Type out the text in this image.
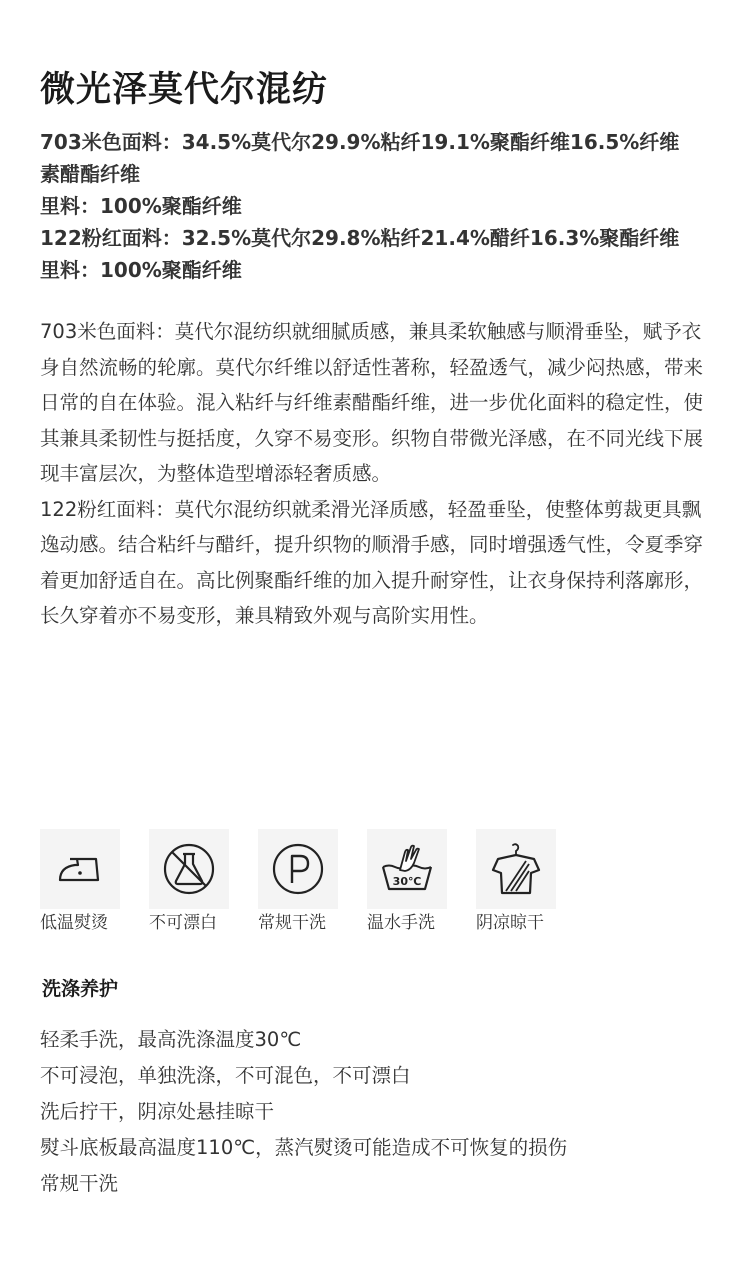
微光泽莫代尔混纺
703米色面料：34.5%莫代尔29.9%粘纤19.1%聚酯纤维16.5%纤维
素醋酯纤维
里料：100%聚酯纤维
122粉红面料：32.5%莫代尔29.8%粘纤21.4%醋纤16.3%聚酯纤维
里料：100%聚酯纤维

703米色面料：莫代尔混纺织就细腻质感，兼具柔软触感与顺滑垂坠，赋予衣身自然流畅的轮廓。莫代尔纤维以舒适性著称，轻盈透气，减少闷热感，带来日常的自在体验。混入粘纤与纤维素醋酯纤维，进一步优化面料的稳定性，使其兼具柔韧性与挺括度，久穿不易变形。织物自带微光泽感，在不同光线下展现丰富层次，为整体造型增添轻奢质感。

122粉红面料：莫代尔混纺织就柔滑光泽质感，轻盈垂坠，使整体剪裁更具飘逸动感。结合粘纤与醋纤，提升织物的顺滑手感，同时增强透气性，令夏季穿着更加舒适自在。高比例聚酯纤维的加入提升耐穿性，让衣身保持利落廓形，长久穿着亦不易变形，兼具精致外观与高阶实用性。

低温熨烫	不可漂白	常规干洗
30℃
温水手洗	阴凉晾干
洗涤养护
轻柔手洗，最高洗涤温度30℃
不可浸泡，单独洗涤，不可混色，不可漂白
洗后拧干，阴凉处悬挂晾干
熨斗底板最高温度110℃，蒸汽熨烫可能造成不可恢复的损伤
常规干洗
